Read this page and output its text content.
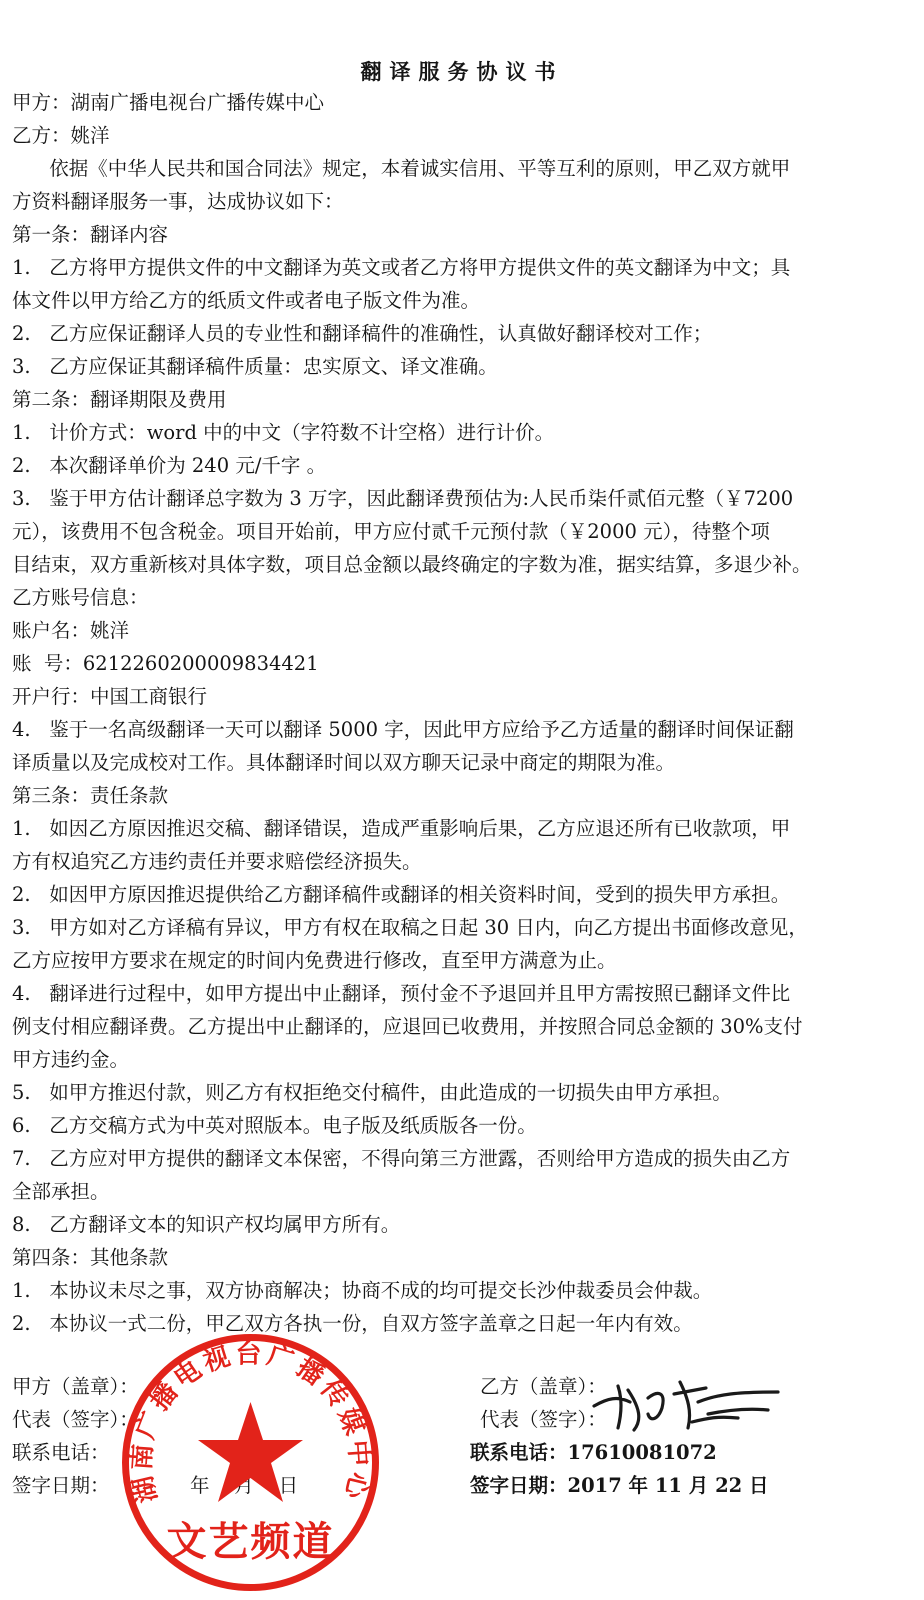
翻译服务协议书
甲方：湖南广播电视台广播传媒中心
乙方：姚洋
依据《中华人民共和国合同法》规定，本着诚实信用、平等互利的原则，甲乙双方就甲
方资料翻译服务一事，达成协议如下：
第一条：翻译内容
1.   乙方将甲方提供文件的中文翻译为英文或者乙方将甲方提供文件的英文翻译为中文；具
体文件以甲方给乙方的纸质文件或者电子版文件为准。
2.   乙方应保证翻译人员的专业性和翻译稿件的准确性，认真做好翻译校对工作；
3.   乙方应保证其翻译稿件质量：忠实原文、译文准确。
第二条：翻译期限及费用
1.   计价方式：word 中的中文（字符数不计空格）进行计价。
2.   本次翻译单价为 240 元/千字 。
3.   鉴于甲方估计翻译总字数为 3 万字，因此翻译费预估为:人民币柒仟贰佰元整（￥7200
元），该费用不包含税金。项目开始前，甲方应付贰千元预付款（￥2000 元），待整个项
目结束，双方重新核对具体字数，项目总金额以最终确定的字数为准，据实结算，多退少补。
乙方账号信息：
账户名：姚洋
账  号：6212260200009834421
开户行：中国工商银行
4.   鉴于一名高级翻译一天可以翻译 5000 字，因此甲方应给予乙方适量的翻译时间保证翻
译质量以及完成校对工作。具体翻译时间以双方聊天记录中商定的期限为准。
第三条：责任条款
1.   如因乙方原因推迟交稿、翻译错误，造成严重影响后果，乙方应退还所有已收款项，甲
方有权追究乙方违约责任并要求赔偿经济损失。
2.   如因甲方原因推迟提供给乙方翻译稿件或翻译的相关资料时间，受到的损失甲方承担。
3.   甲方如对乙方译稿有异议，甲方有权在取稿之日起 30 日内，向乙方提出书面修改意见，
乙方应按甲方要求在规定的时间内免费进行修改，直至甲方满意为止。
4.   翻译进行过程中，如甲方提出中止翻译，预付金不予退回并且甲方需按照已翻译文件比
例支付相应翻译费。乙方提出中止翻译的，应退回已收费用，并按照合同总金额的 30%支付
甲方违约金。
5.   如甲方推迟付款，则乙方有权拒绝交付稿件，由此造成的一切损失由甲方承担。
6.   乙方交稿方式为中英对照版本。电子版及纸质版各一份。
7.   乙方应对甲方提供的翻译文本保密，不得向第三方泄露，否则给甲方造成的损失由乙方
全部承担。
8.   乙方翻译文本的知识产权均属甲方所有。
第四条：其他条款
1.   本协议未尽之事，双方协商解决；协商不成的均可提交长沙仲裁委员会仲裁。
2.   本协议一式二份，甲乙双方各执一份，自双方签字盖章之日起一年内有效。
甲方（盖章）：
代表（签字）：
联系电话：
签字日期：	年    月    日
乙方（盖章）：
代表（签字）：
联系电话：17610081072
签字日期：2017 年 11 月 22 日
湖南广播电视台广播传媒中心
文艺频道
